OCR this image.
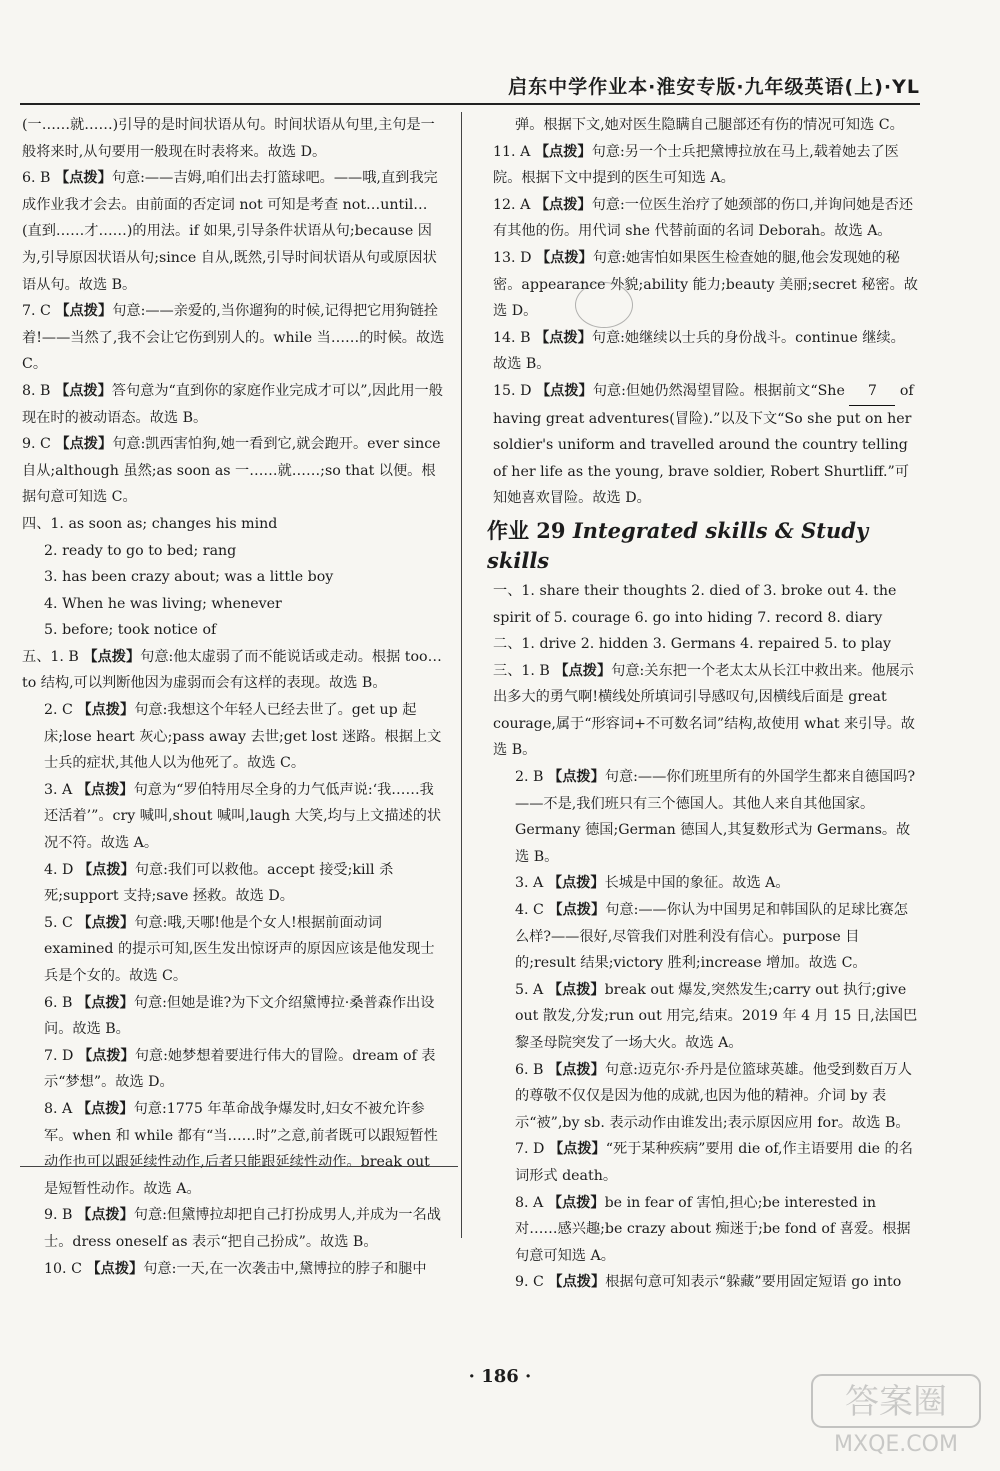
启东中学作业本·淮安专版·九年级英语(上)·YL

(一……就……)引导的是时间状语从句。时间状语从句里,主句是一般将来时,从句要用一般现在时表将来。故选 D。

6. B 【点拨】句意:——吉姆,咱们出去打篮球吧。——哦,直到我完成作业我才会去。由前面的否定词 not 可知是考查 not…until…(直到……才……)的用法。if 如果,引导条件状语从句;because 因为,引导原因状语从句;since 自从,既然,引导时间状语从句或原因状语从句。故选 B。

7. C 【点拨】句意:——亲爱的,当你遛狗的时候,记得把它用狗链拴着!——当然了,我不会让它伤到别人的。while 当……的时候。故选 C。

8. B 【点拨】答句意为“直到你的家庭作业完成才可以”,因此用一般现在时的被动语态。故选 B。

9. C 【点拨】句意:凯西害怕狗,她一看到它,就会跑开。ever since 自从;although 虽然;as soon as 一……就……;so that 以便。根据句意可知选 C。

四、1. as soon as; changes his mind

2. ready to go to bed; rang

3. has been crazy about; was a little boy

4. When he was living; whenever

5. before; took notice of

五、1. B 【点拨】句意:他太虚弱了而不能说话或走动。根据 too…to 结构,可以判断他因为虚弱而会有这样的表现。故选 B。

2. C 【点拨】句意:我想这个年轻人已经去世了。get up 起床;lose heart 灰心;pass away 去世;get lost 迷路。根据上文士兵的症状,其他人以为他死了。故选 C。

3. A 【点拨】句意为“罗伯特用尽全身的力气低声说:‘我……我还活着’”。cry 喊叫,shout 喊叫,laugh 大笑,均与上文描述的状况不符。故选 A。

4. D 【点拨】句意:我们可以救他。accept 接受;kill 杀死;support 支持;save 拯救。故选 D。

5. C 【点拨】句意:哦,天哪!他是个女人!根据前面动词 examined 的提示可知,医生发出惊讶声的原因应该是他发现士兵是个女的。故选 C。

6. B 【点拨】句意:但她是谁?为下文介绍黛博拉·桑普森作出设问。故选 B。

7. D 【点拨】句意:她梦想着要进行伟大的冒险。dream of 表示“梦想”。故选 D。

8. A 【点拨】句意:1775 年革命战争爆发时,妇女不被允许参军。when 和 while 都有“当……时”之意,前者既可以跟短暂性动作也可以跟延续性动作,后者只能跟延续性动作。break out 是短暂性动作。故选 A。

9. B 【点拨】句意:但黛博拉却把自己打扮成男人,并成为一名战士。dress oneself as 表示“把自己扮成”。故选 B。

10. C 【点拨】句意:一天,在一次袭击中,黛博拉的脖子和腿中

弹。根据下文,她对医生隐瞒自己腿部还有伤的情况可知选 C。

11. A 【点拨】句意:另一个士兵把黛博拉放在马上,载着她去了医院。根据下文中提到的医生可知选 A。

12. A 【点拨】句意:一位医生治疗了她颈部的伤口,并询问她是否还有其他的伤。用代词 she 代替前面的名词 Deborah。故选 A。

13. D 【点拨】句意:她害怕如果医生检查她的腿,他会发现她的秘密。appearance 外貌;ability 能力;beauty 美丽;secret 秘密。故选 D。

14. B 【点拨】句意:她继续以士兵的身份战斗。continue 继续。故选 B。

15. D 【点拨】句意:但她仍然渴望冒险。根据前文“She 7 of having great adventures(冒险).”以及下文“So she put on her soldier's uniform and travelled around the country telling of her life as the young, brave soldier, Robert Shurtliff.”可知她喜欢冒险。故选 D。

作业 29 Integrated skills & Study skills

一、1. share their thoughts 2. died of 3. broke out 4. the spirit of 5. courage 6. go into hiding 7. record 8. diary

二、1. drive 2. hidden 3. Germans 4. repaired 5. to play

三、1. B 【点拨】句意:关东把一个老太太从长江中救出来。他展示出多大的勇气啊!横线处所填词引导感叹句,因横线后面是 great courage,属于“形容词+不可数名词”结构,故使用 what 来引导。故选 B。

2. B 【点拨】句意:——你们班里所有的外国学生都来自德国吗?——不是,我们班只有三个德国人。其他人来自其他国家。Germany 德国;German 德国人,其复数形式为 Germans。故选 B。

3. A 【点拨】长城是中国的象征。故选 A。

4. C 【点拨】句意:——你认为中国男足和韩国队的足球比赛怎么样?——很好,尽管我们对胜利没有信心。purpose 目的;result 结果;victory 胜利;increase 增加。故选 C。

5. A 【点拨】break out 爆发,突然发生;carry out 执行;give out 散发,分发;run out 用完,结束。2019 年 4 月 15 日,法国巴黎圣母院突发了一场大火。故选 A。

6. B 【点拨】句意:迈克尔·乔丹是位篮球英雄。他受到数百万人的尊敬不仅仅是因为他的成就,也因为他的精神。介词 by 表示“被”,by sb. 表示动作由谁发出;表示原因应用 for。故选 B。

7. D 【点拨】“死于某种疾病”要用 die of,作主语要用 die 的名词形式 death。

8. A 【点拨】be in fear of 害怕,担心;be interested in 对……感兴趣;be crazy about 痴迷于;be fond of 喜爱。根据句意可知选 A。

9. C 【点拨】根据句意可知表示“躲藏”要用固定短语 go into

· 186 ·
答案圈
MXQE.COM
